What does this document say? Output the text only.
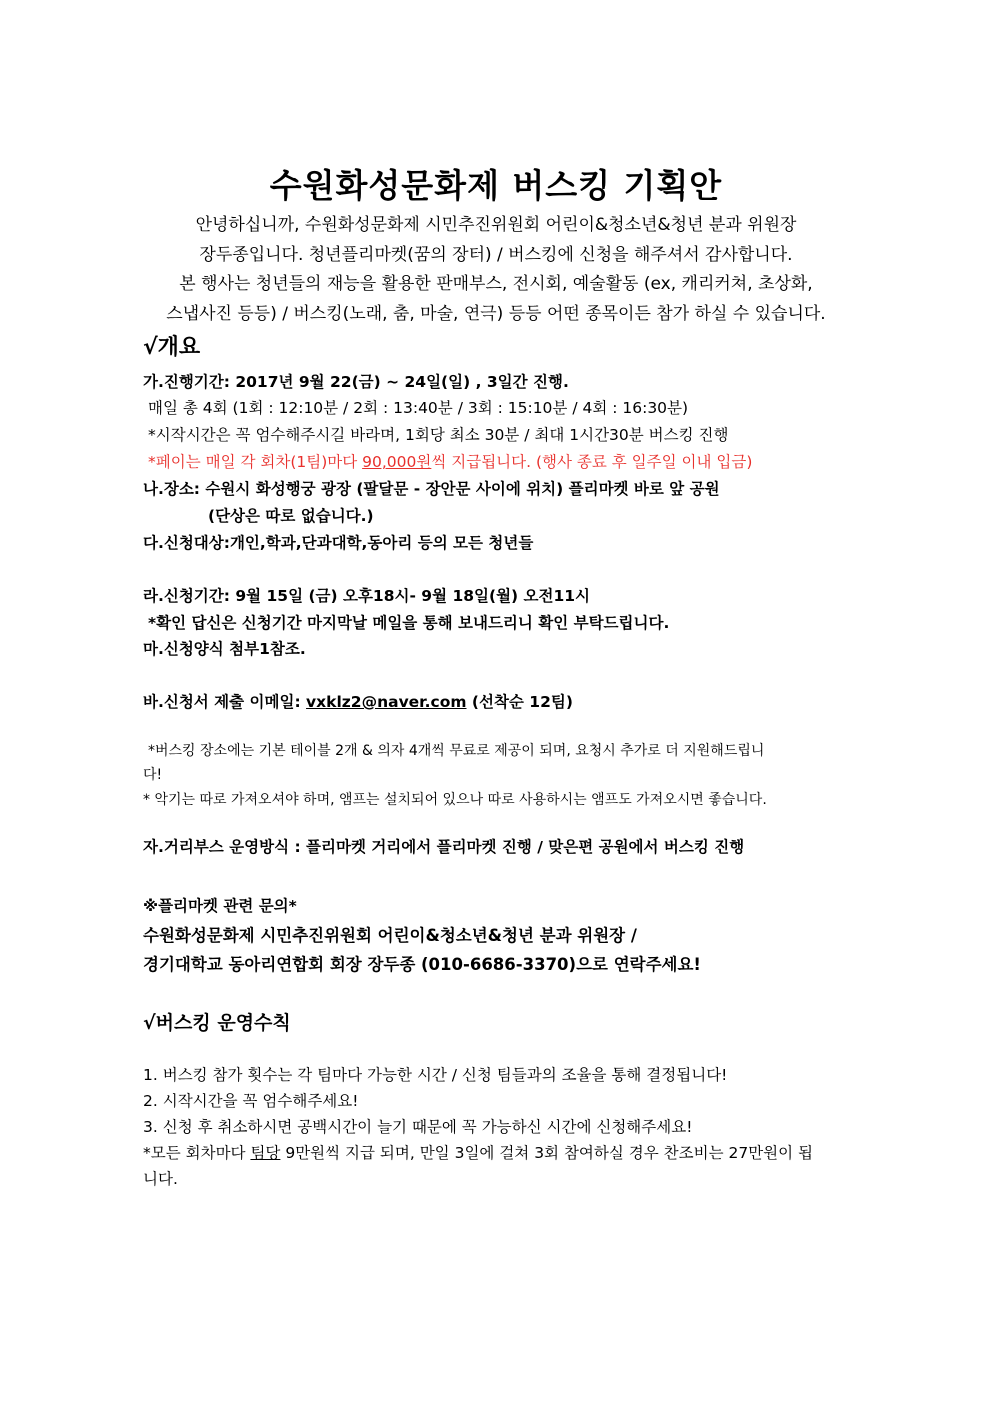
수원화성문화제 버스킹 기획안
안녕하십니까, 수원화성문화제 시민추진위원회 어린이&청소년&청년 분과 위원장
장두종입니다. 청년플리마켓(꿈의 장터) / 버스킹에 신청을 해주셔서 감사합니다.
본 행사는 청년들의 재능을 활용한 판매부스, 전시회, 예술활동 (ex, 캐리커쳐, 초상화,
스냅사진 등등) / 버스킹(노래, 춤, 마술, 연극) 등등 어떤 종목이든 참가 하실 수 있습니다.
√개요
가.진행기간: 2017년 9월 22(금) ~ 24일(일) , 3일간 진행.
매일 총 4회 (1회 : 12:10분 / 2회 : 13:40분 / 3회 : 15:10분 / 4회 : 16:30분)
*시작시간은 꼭 엄수해주시길 바라며, 1회당 최소 30분 / 최대 1시간30분 버스킹 진행
*페이는 매일 각 회차(1팀)마다 90,000원씩 지급됩니다. (행사 종료 후 일주일 이내 입금)
나.장소: 수원시 화성행궁 광장 (팔달문 - 장안문 사이에 위치) 플리마켓 바로 앞 공원
(단상은 따로 없습니다.)
다.신청대상:개인,학과,단과대학,동아리 등의 모든 청년들
라.신청기간: 9월 15일 (금) 오후18시- 9월 18일(월) 오전11시
*확인 답신은 신청기간 마지막날 메일을 통해 보내드리니 확인 부탁드립니다.
마.신청양식 첨부1참조.
바.신청서 제출 이메일: vxklz2@naver.com (선착순 12팀)
*버스킹 장소에는 기본 테이블 2개 & 의자 4개씩 무료로 제공이 되며, 요청시 추가로 더 지원해드립니
다!
* 악기는 따로 가져오셔야 하며, 앰프는 설치되어 있으나 따로 사용하시는 앰프도 가져오시면 좋습니다.
자.거리부스 운영방식 : 플리마켓 거리에서 플리마켓 진행 / 맞은편 공원에서 버스킹 진행
※플리마켓 관련 문의*
수원화성문화제 시민추진위원회 어린이&청소년&청년 분과 위원장 /
경기대학교 동아리연합회 회장 장두종 (010-6686-3370)으로 연락주세요!
√버스킹 운영수칙
1. 버스킹 참가 횟수는 각 팀마다 가능한 시간 / 신청 팀들과의 조율을 통해 결정됩니다!
2. 시작시간을 꼭 엄수해주세요!
3. 신청 후 취소하시면 공백시간이 늘기 때문에 꼭 가능하신 시간에 신청해주세요!
*모든 회차마다 팀당 9만원씩 지급 되며, 만일 3일에 걸쳐 3회 참여하실 경우 찬조비는 27만원이 됩
니다.
